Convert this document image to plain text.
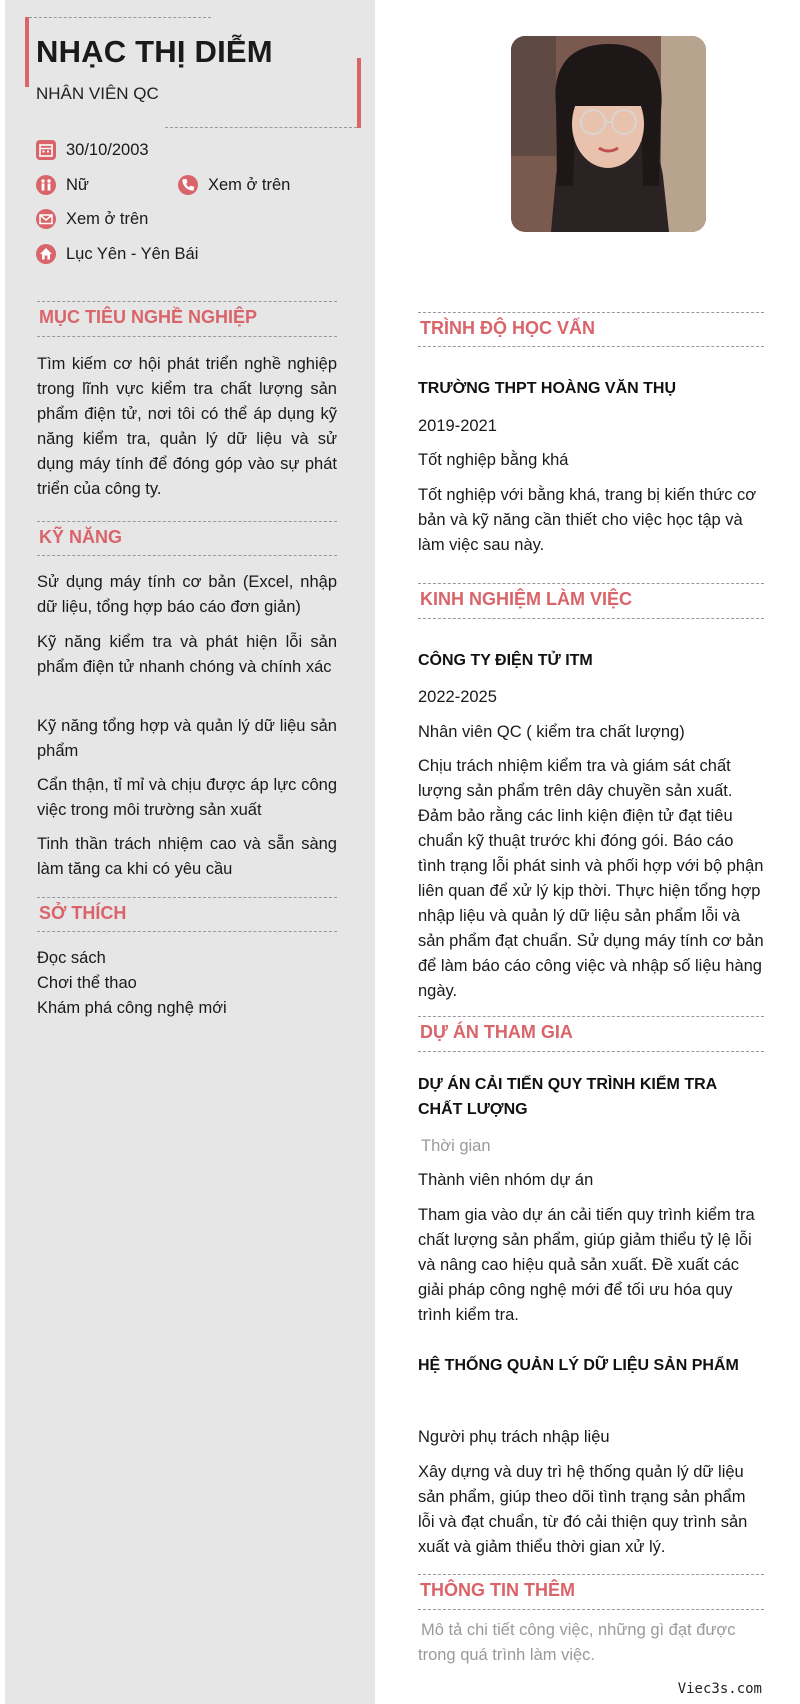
NHẠC THỊ DIỄM
NHÂN VIÊN QC
30/10/2003
Nữ	Xem ở trên
Xem ở trên
Lục Yên - Yên Bái
MỤC TIÊU NGHỀ NGHIỆP
Tìm kiếm cơ hội phát triển nghề nghiệp trong lĩnh vực kiểm tra chất lượng sản phẩm điện tử, nơi tôi có thể áp dụng kỹ năng kiểm tra, quản lý dữ liệu và sử dụng máy tính để đóng góp vào sự phát triển của công ty.
KỸ NĂNG
Sử dụng máy tính cơ bản (Excel, nhập dữ liệu, tổng hợp báo cáo đơn giản)
Kỹ năng kiểm tra và phát hiện lỗi sản phẩm điện tử nhanh chóng và chính xác
Kỹ năng tổng hợp và quản lý dữ liệu sản phẩm
Cẩn thận, tỉ mỉ và chịu được áp lực công việc trong môi trường sản xuất
Tinh thần trách nhiệm cao và sẵn sàng làm tăng ca khi có yêu cầu
SỞ THÍCH
Đọc sách
Chơi thể thao
Khám phá công nghệ mới
TRÌNH ĐỘ HỌC VẤN
TRƯỜNG THPT HOÀNG VĂN THỤ
2019-2021
Tốt nghiệp bằng khá
Tốt nghiệp với bằng khá, trang bị kiến thức cơ bản và kỹ năng cần thiết cho việc học tập và làm việc sau này.
KINH NGHIỆM LÀM VIỆC
CÔNG TY ĐIỆN TỬ ITM
2022-2025
Nhân viên QC ( kiểm tra chất lượng)
Chịu trách nhiệm kiểm tra và giám sát chất lượng sản phẩm trên dây chuyền sản xuất. Đảm bảo rằng các linh kiện điện tử đạt tiêu chuẩn kỹ thuật trước khi đóng gói. Báo cáo tình trạng lỗi phát sinh và phối hợp với bộ phận liên quan để xử lý kịp thời. Thực hiện tổng hợp nhập liệu và quản lý dữ liệu sản phẩm lỗi và sản phẩm đạt chuẩn. Sử dụng máy tính cơ bản để làm báo cáo công việc và nhập số liệu hàng ngày.
DỰ ÁN THAM GIA
DỰ ÁN CẢI TIẾN QUY TRÌNH KIỂM TRA CHẤT LƯỢNG
Thời gian
Thành viên nhóm dự án
Tham gia vào dự án cải tiến quy trình kiểm tra chất lượng sản phẩm, giúp giảm thiểu tỷ lệ lỗi và nâng cao hiệu quả sản xuất. Đề xuất các giải pháp công nghệ mới để tối ưu hóa quy trình kiểm tra.
HỆ THỐNG QUẢN LÝ DỮ LIỆU SẢN PHẨM
Người phụ trách nhập liệu
Xây dựng và duy trì hệ thống quản lý dữ liệu sản phẩm, giúp theo dõi tình trạng sản phẩm lỗi và đạt chuẩn, từ đó cải thiện quy trình sản xuất và giảm thiểu thời gian xử lý.
THÔNG TIN THÊM
Mô tả chi tiết công việc, những gì đạt được trong quá trình làm việc.
Viec3s.com
